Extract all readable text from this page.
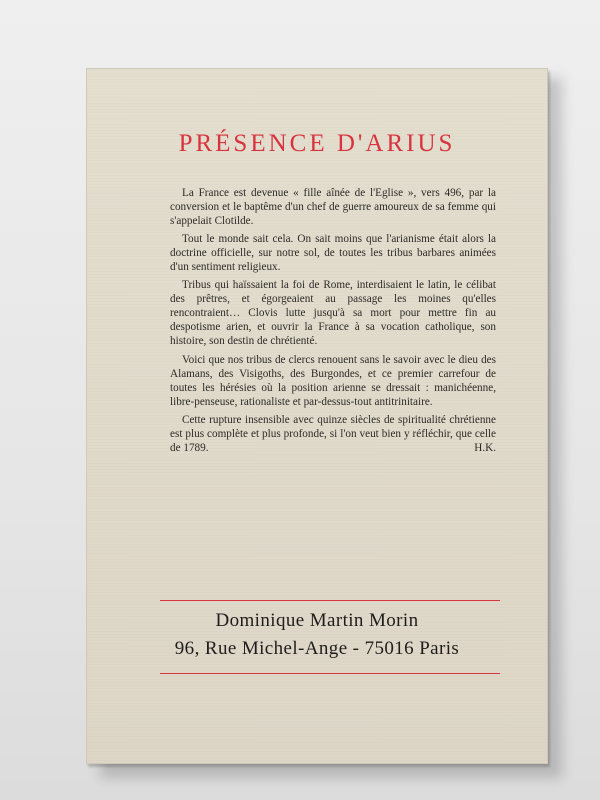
PRÉSENCE D'ARIUS

La France est devenue « fille aînée de l'Eglise », vers 496, par la conversion et le baptême d'un chef de guerre amoureux de sa femme qui s'appelait Clotilde.

Tout le monde sait cela. On sait moins que l'arianisme était alors la doctrine officielle, sur notre sol, de toutes les tribus barbares animées d'un sentiment religieux.

Tribus qui haïssaient la foi de Rome, interdisaient le latin, le célibat des prêtres, et égorgeaient au passage les moines qu'elles rencontraient… Clovis lutte jusqu'à sa mort pour mettre fin au despotisme arien, et ouvrir la France à sa vocation catholique, son histoire, son destin de chrétienté.

Voici que nos tribus de clercs renouent sans le savoir avec le dieu des Alamans, des Visigoths, des Burgondes, et ce premier carrefour de toutes les hérésies où la position arienne se dressait : manichéenne, libre-penseuse, rationaliste et par-dessus-tout antitrinitaire.

Cette rupture insensible avec quinze siècles de spiritualité chrétienne est plus complète et plus profonde, si l'on veut bien y réfléchir, que celle de 1789.	H.K.

Dominique Martin Morin
96, Rue Michel-Ange - 75016 Paris
